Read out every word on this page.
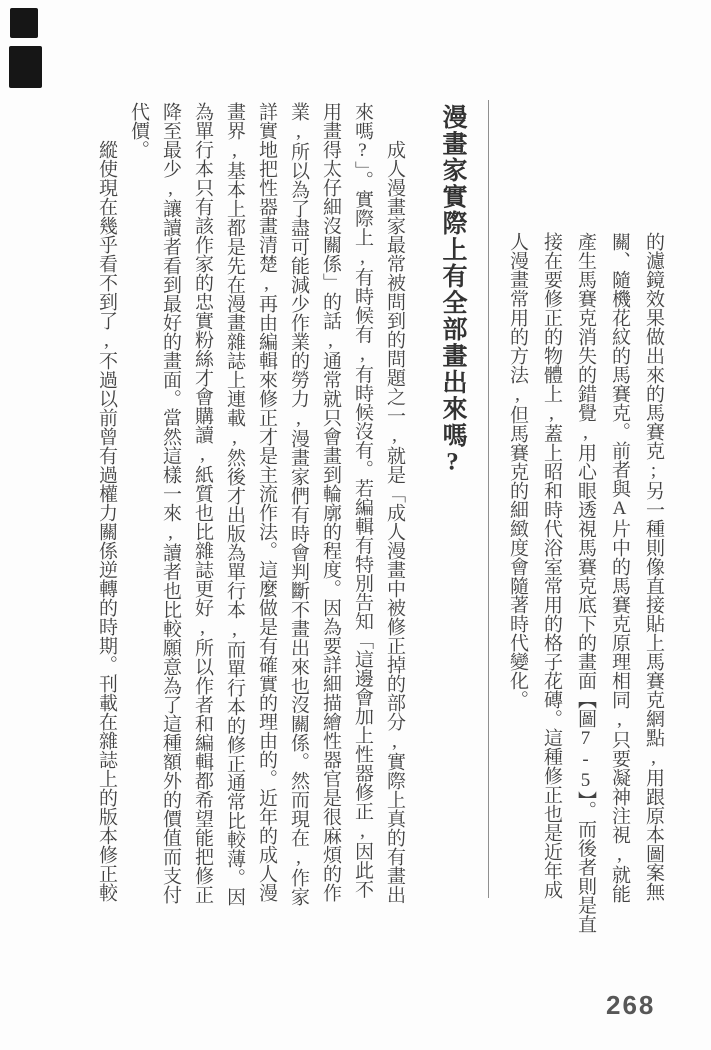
的濾鏡效果做出來的馬賽克;另一種則像直接貼上馬賽克網點,用跟原本圖案無
關、隨機花紋的馬賽克。前者與A片中的馬賽克原理相同,只要凝神注視,就能
產生馬賽克消失的錯覺,用心眼透視馬賽克底下的畫面【圖7-5】。而後者則是直
接在要修正的物體上,蓋上昭和時代浴室常用的格子花磚。這種修正也是近年成
人漫畫常用的方法,但馬賽克的細緻度會隨著時代變化。
漫畫家實際上有全部畫出來嗎?
　　成人漫畫家最常被問到的問題之一,就是「成人漫畫中被修正掉的部分,實際上真的有畫出
來嗎?」。實際上,有時候有,有時候沒有。若編輯有特別告知「這邊會加上性器修正,因此不
用畫得太仔細沒關係」的話,通常就只會畫到輪廓的程度。因為要詳細描繪性器官是很麻煩的作
業,所以為了盡可能減少作業的勞力,漫畫家們有時會判斷不畫出來也沒關係。然而現在,作家
詳實地把性器畫清楚,再由編輯來修正才是主流作法。這麼做是有確實的理由的。近年的成人漫
畫界,基本上都是先在漫畫雜誌上連載,然後才出版為單行本,而單行本的修正通常比較薄。因
為單行本只有該作家的忠實粉絲才會購讀,紙質也比雜誌更好,所以作者和編輯都希望能把修正
降至最少,讓讀者看到最好的畫面。當然這樣一來,讀者也比較願意為了這種額外的價值而支付
代價。
　　縱使現在幾乎看不到了,不過以前曾有過權力關係逆轉的時期。刊載在雜誌上的版本修正較
268
